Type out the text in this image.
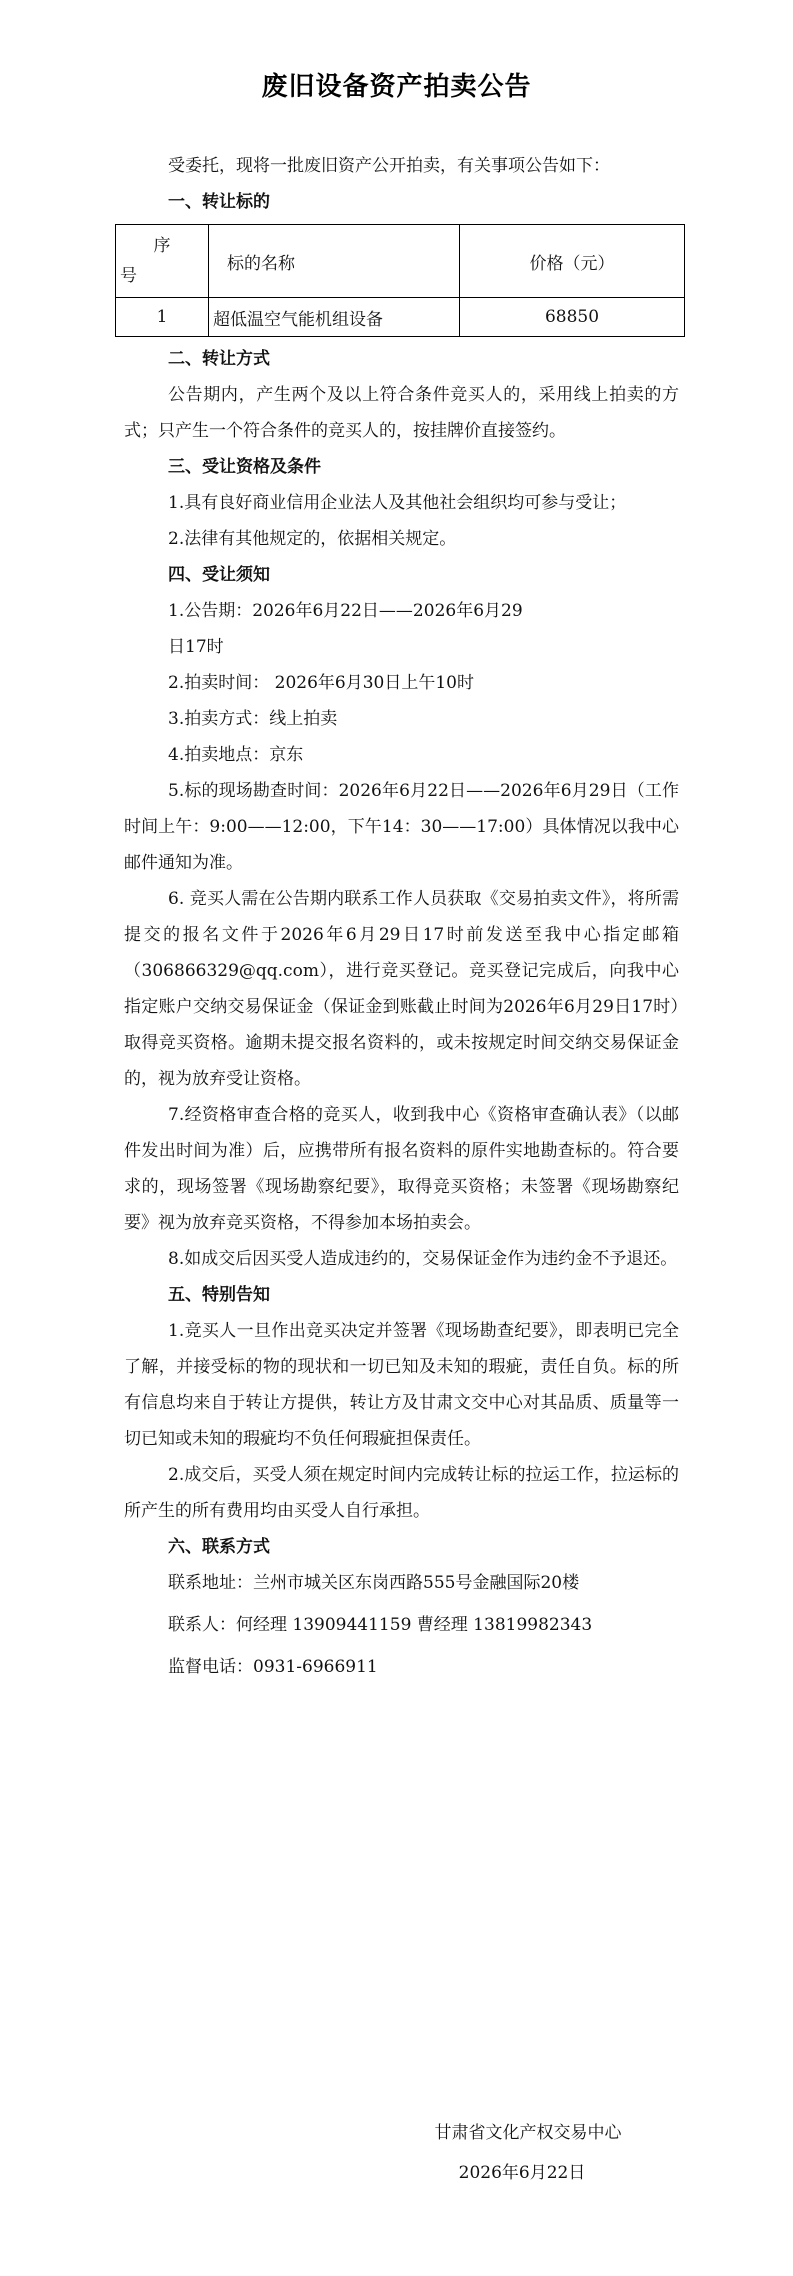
废旧设备资产拍卖公告

受委托，现将一批废旧资产公开拍卖，有关事项公告如下：

一、转让标的

序
号	标的名称	价格（元）
1	超低温空气能机组设备	68850

二、转让方式

公告期内，产生两个及以上符合条件竞买人的，采用线上拍卖的方式；只产生一个符合条件的竞买人的，按挂牌价直接签约。

三、受让资格及条件

1.具有良好商业信用企业法人及其他社会组织均可参与受让；

2.法律有其他规定的，依据相关规定。

四、受让须知

1.公告期：2026年6月22日——2026年6月29

日17时

2.拍卖时间： 2026年6月30日上午10时

3.拍卖方式：线上拍卖

4.拍卖地点：京东

5.标的现场勘查时间：2026年6月22日——2026年6月29日（工作时间上午：9:00——12:00，下午14：30——17:00）具体情况以我中心邮件通知为准。

6. 竞买人需在公告期内联系工作人员获取《交易拍卖文件》，将所需提交的报名文件于2026年6月29日17时前发送至我中心指定邮箱（306866329@qq.com），进行竞买登记。竞买登记完成后，向我中心指定账户交纳交易保证金（保证金到账截止时间为2026年6月29日17时）取得竞买资格。逾期未提交报名资料的，或未按规定时间交纳交易保证金的，视为放弃受让资格。

7.经资格审查合格的竞买人，收到我中心《资格审查确认表》（以邮件发出时间为准）后，应携带所有报名资料的原件实地勘查标的。符合要求的，现场签署《现场勘察纪要》，取得竞买资格；未签署《现场勘察纪要》视为放弃竞买资格，不得参加本场拍卖会。

8.如成交后因买受人造成违约的，交易保证金作为违约金不予退还。

五、特别告知

1.竞买人一旦作出竞买决定并签署《现场勘查纪要》，即表明已完全了解，并接受标的物的现状和一切已知及未知的瑕疵，责任自负。标的所有信息均来自于转让方提供，转让方及甘肃文交中心对其品质、质量等一切已知或未知的瑕疵均不负任何瑕疵担保责任。

2.成交后，买受人须在规定时间内完成转让标的拉运工作，拉运标的所产生的所有费用均由买受人自行承担。

六、联系方式

联系地址：兰州市城关区东岗西路555号金融国际20楼

联系人：何经理 13909441159 曹经理 13819982343

监督电话：0931-6966911

甘肃省文化产权交易中心
2026年6月22日
